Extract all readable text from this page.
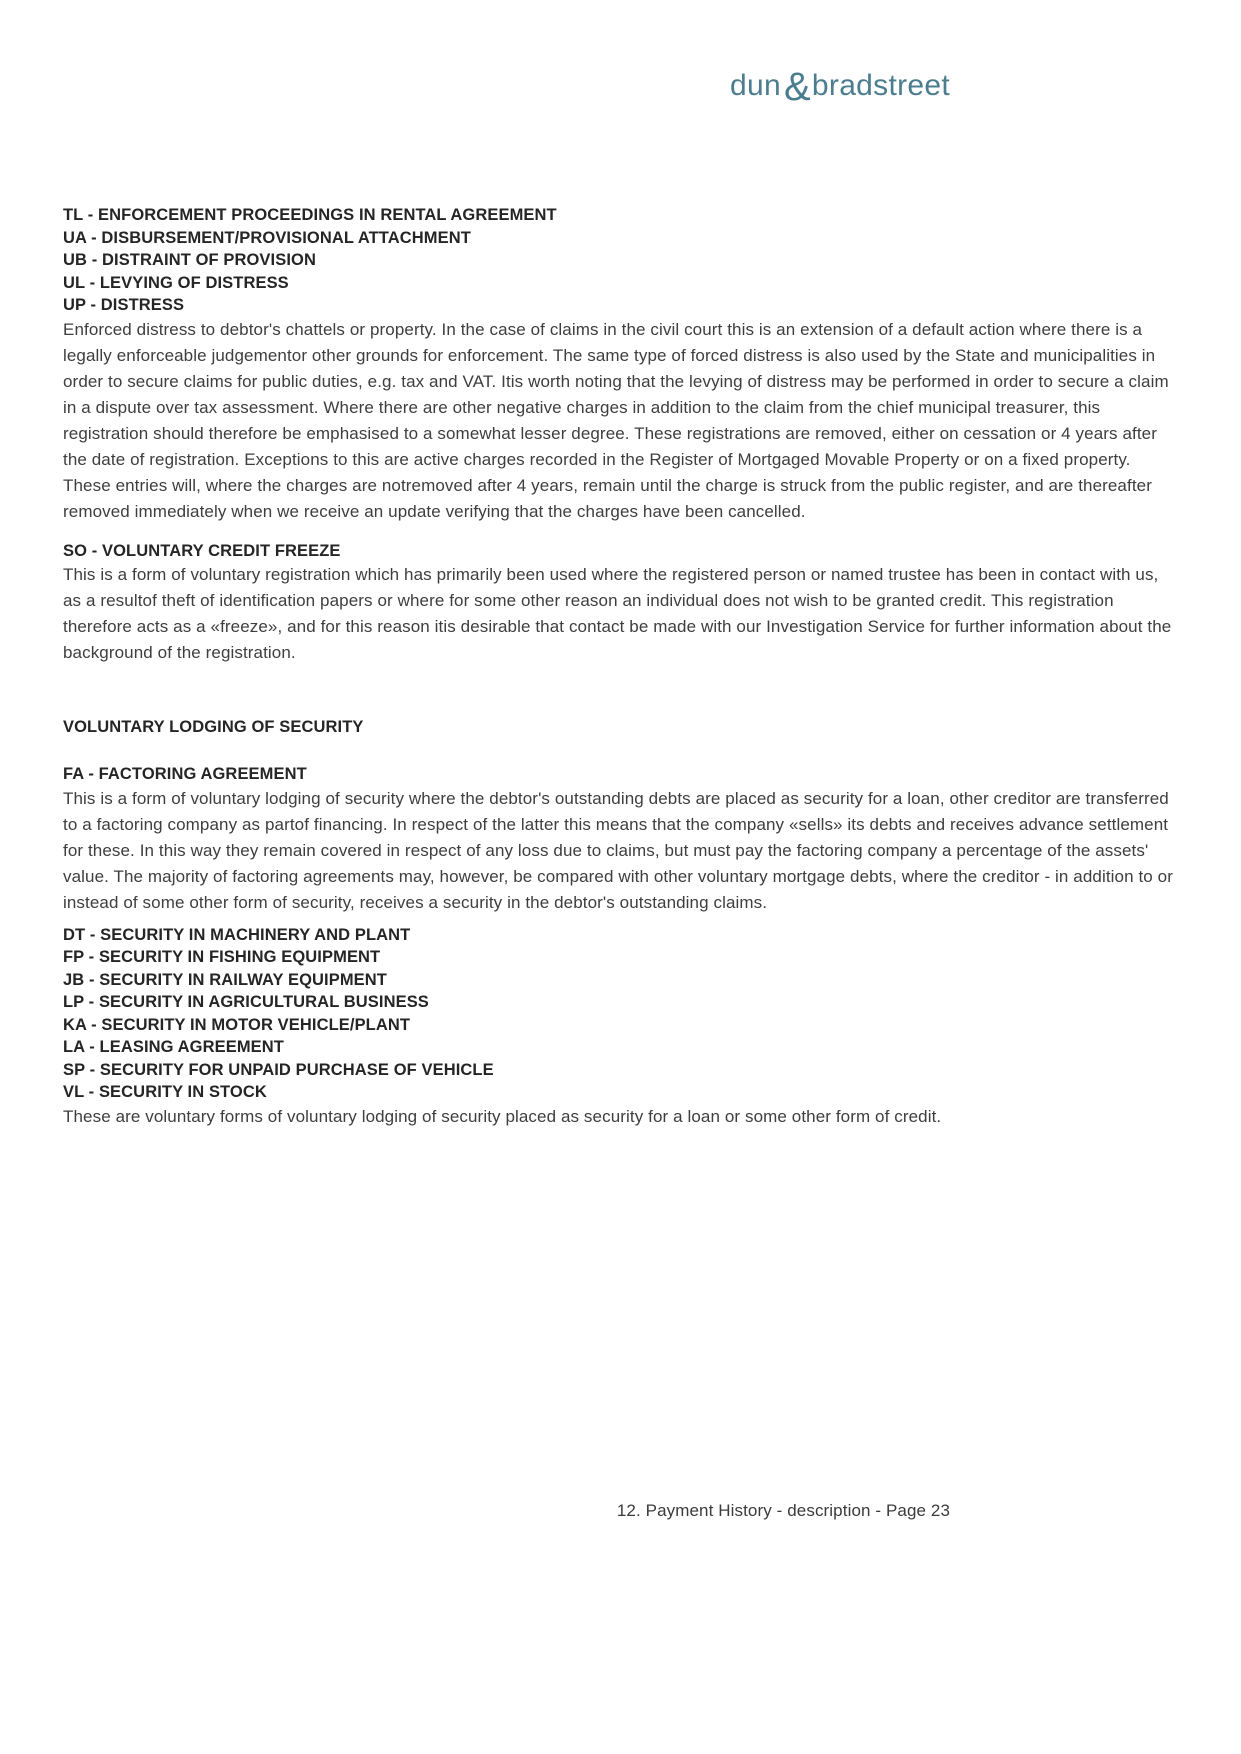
dun&bradstreet
TL - ENFORCEMENT PROCEEDINGS IN RENTAL AGREEMENT
UA - DISBURSEMENT/PROVISIONAL ATTACHMENT
UB - DISTRAINT OF PROVISION
UL - LEVYING OF DISTRESS
UP - DISTRESS

Enforced distress to debtor's chattels or property. In the case of claims in the civil court this is an extension of a default action where there is a legally enforceable judgementor other grounds for enforcement. The same type of forced distress is also used by the State and municipalities in order to secure claims for public duties, e.g. tax and VAT. Itis worth noting that the levying of distress may be performed in order to secure a claim in a dispute over tax assessment. Where there are other negative charges in addition to the claim from the chief municipal treasurer, this registration should therefore be emphasised to a somewhat lesser degree. These registrations are removed, either on cessation or 4 years after the date of registration. Exceptions to this are active charges recorded in the Register of Mortgaged Movable Property or on a fixed property. These entries will, where the charges are notremoved after 4 years, remain until the charge is struck from the public register, and are thereafter removed immediately when we receive an update verifying that the charges have been cancelled.

SO - VOLUNTARY CREDIT FREEZE

This is a form of voluntary registration which has primarily been used where the registered person or named trustee has been in contact with us, as a resultof theft of identification papers or where for some other reason an individual does not wish to be granted credit. This registration therefore acts as a «freeze», and for this reason itis desirable that contact be made with our Investigation Service for further information about the background of the registration.

VOLUNTARY LODGING OF SECURITY
FA - FACTORING AGREEMENT

This is a form of voluntary lodging of security where the debtor's outstanding debts are placed as security for a loan, other creditor are transferred to a factoring company as partof financing. In respect of the latter this means that the company «sells» its debts and receives advance settlement for these. In this way they remain covered in respect of any loss due to claims, but must pay the factoring company a percentage of the assets' value. The majority of factoring agreements may, however, be compared with other voluntary mortgage debts, where the creditor - in addition to or instead of some other form of security, receives a security in the debtor's outstanding claims.

DT - SECURITY IN MACHINERY AND PLANT
FP - SECURITY IN FISHING EQUIPMENT
JB - SECURITY IN RAILWAY EQUIPMENT
LP - SECURITY IN AGRICULTURAL BUSINESS
KA - SECURITY IN MOTOR VEHICLE/PLANT
LA - LEASING AGREEMENT
SP - SECURITY FOR UNPAID PURCHASE OF VEHICLE
VL - SECURITY IN STOCK

These are voluntary forms of voluntary lodging of security placed as security for a loan or some other form of credit.

12. Payment History - description - Page 23
